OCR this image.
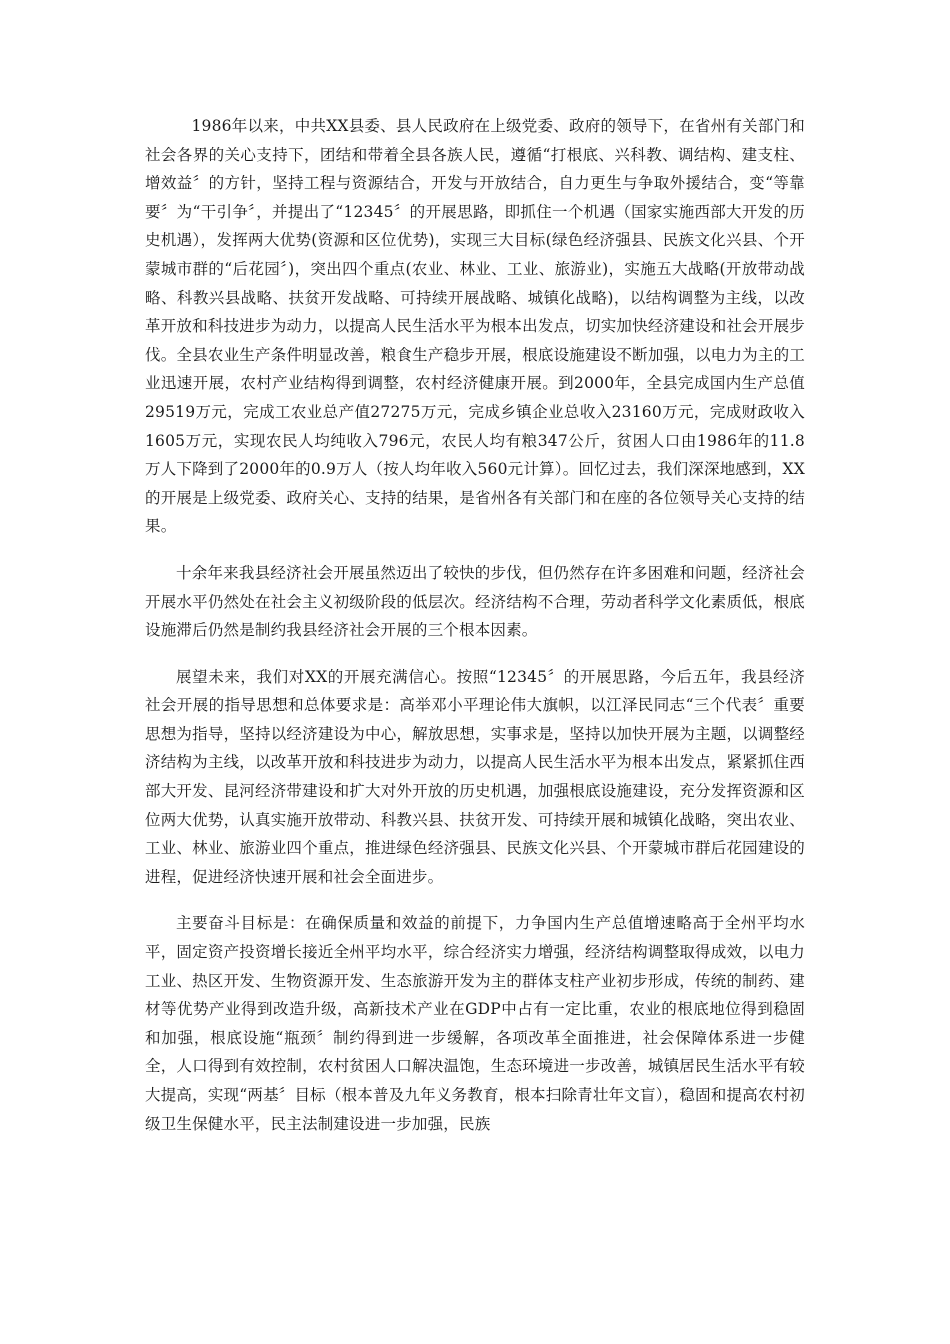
1986年以来，中共XX县委、县人民政府在上级党委、政府的领导下，在省州有关部门和社会各界的关心支持下，团结和带着全县各族人民，遵循“打根底、兴科教、调结构、建支柱、增效益〞的方针，坚持工程与资源结合，开发与开放结合，自力更生与争取外援结合，变“等靠要〞为“干引争〞，并提出了“12345〞的开展思路，即抓住一个机遇（国家实施西部大开发的历史机遇），发挥两大优势(资源和区位优势)，实现三大目标(绿色经济强县、民族文化兴县、个开蒙城市群的“后花园〞)，突出四个重点(农业、林业、工业、旅游业)，实施五大战略(开放带动战略、科教兴县战略、扶贫开发战略、可持续开展战略、城镇化战略)，以结构调整为主线，以改革开放和科技进步为动力，以提高人民生活水平为根本出发点，切实加快经济建设和社会开展步伐。全县农业生产条件明显改善，粮食生产稳步开展，根底设施建设不断加强，以电力为主的工业迅速开展，农村产业结构得到调整，农村经济健康开展。到2000年，全县完成国内生产总值29519万元，完成工农业总产值27275万元，完成乡镇企业总收入23160万元，完成财政收入1605万元，实现农民人均纯收入796元，农民人均有粮347公斤，贫困人口由1986年的11.8万人下降到了2000年的0.9万人（按人均年收入560元计算）。回忆过去，我们深深地感到，XX的开展是上级党委、政府关心、支持的结果，是省州各有关部门和在座的各位领导关心支持的结果。

十余年来我县经济社会开展虽然迈出了较快的步伐，但仍然存在许多困难和问题，经济社会开展水平仍然处在社会主义初级阶段的低层次。经济结构不合理，劳动者科学文化素质低，根底设施滞后仍然是制约我县经济社会开展的三个根本因素。

展望未来，我们对XX的开展充满信心。按照“12345〞的开展思路，今后五年，我县经济社会开展的指导思想和总体要求是：高举邓小平理论伟大旗帜，以江泽民同志“三个代表〞重要思想为指导，坚持以经济建设为中心，解放思想，实事求是，坚持以加快开展为主题，以调整经济结构为主线，以改革开放和科技进步为动力，以提高人民生活水平为根本出发点，紧紧抓住西部大开发、昆河经济带建设和扩大对外开放的历史机遇，加强根底设施建设，充分发挥资源和区位两大优势，认真实施开放带动、科教兴县、扶贫开发、可持续开展和城镇化战略，突出农业、工业、林业、旅游业四个重点，推进绿色经济强县、民族文化兴县、个开蒙城市群后花园建设的进程，促进经济快速开展和社会全面进步。

主要奋斗目标是：在确保质量和效益的前提下，力争国内生产总值增速略高于全州平均水平，固定资产投资增长接近全州平均水平，综合经济实力增强，经济结构调整取得成效，以电力工业、热区开发、生物资源开发、生态旅游开发为主的群体支柱产业初步形成，传统的制药、建材等优势产业得到改造升级，高新技术产业在GDP中占有一定比重，农业的根底地位得到稳固和加强，根底设施“瓶颈〞制约得到进一步缓解，各项改革全面推进，社会保障体系进一步健全，人口得到有效控制，农村贫困人口解决温饱，生态环境进一步改善，城镇居民生活水平有较大提高，实现“两基〞目标（根本普及九年义务教育，根本扫除青壮年文盲），稳固和提高农村初级卫生保健水平，民主法制建设进一步加强，民族
